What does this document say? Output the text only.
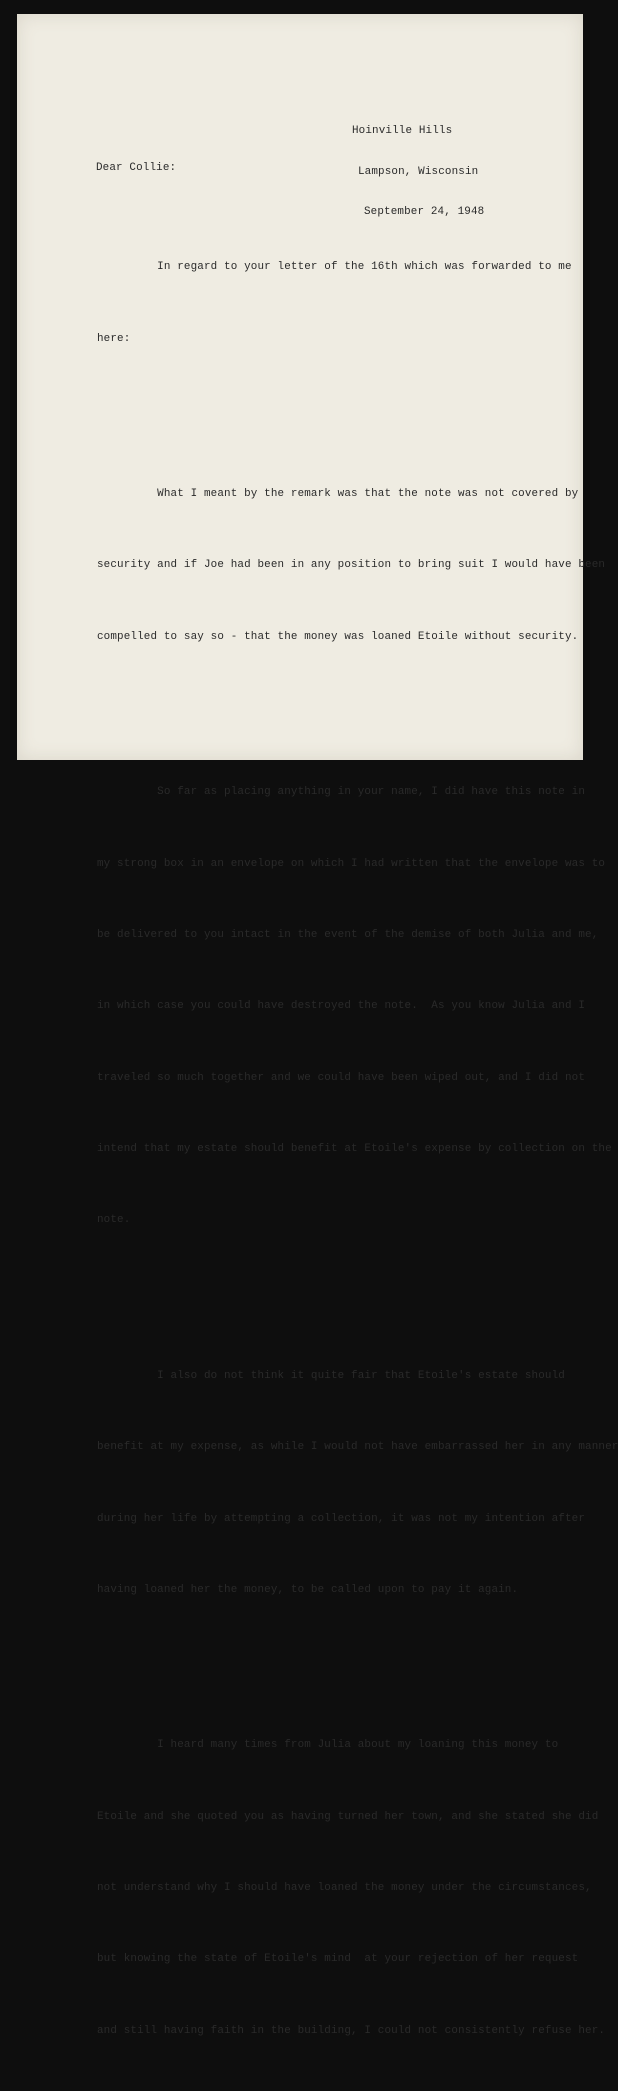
Hoinville Hills

Lampson, Wisconsin

September 24, 1948

Dear Collie:

In regard to your letter of the 16th which was forwarded to me

here:

What I meant by the remark was that the note was not covered by

security and if Joe had been in any position to bring suit I would have been

compelled to say so - that the money was loaned Etoile without security.

So far as placing anything in your name, I did have this note in

my strong box in an envelope on which I had written that the envelope was to

be delivered to you intact in the event of the demise of both Julia and me,

in which case you could have destroyed the note.  As you know Julia and I

traveled so much together and we could have been wiped out, and I did not

intend that my estate should benefit at Etoile's expense by collection on the

note.

I also do not think it quite fair that Etoile's estate should

benefit at my expense, as while I would not have embarrassed her in any manner

during her life by attempting a collection, it was not my intention after

having loaned her the money, to be called upon to pay it again.

I heard many times from Julia about my loaning this money to

Etoile and she quoted you as having turned her town, and she stated she did

not understand why I should have loaned the money under the circumstances,

but knowing the state of Etoile's mind  at your rejection of her request

and still having faith in the building, I could not consistently refuse her.
